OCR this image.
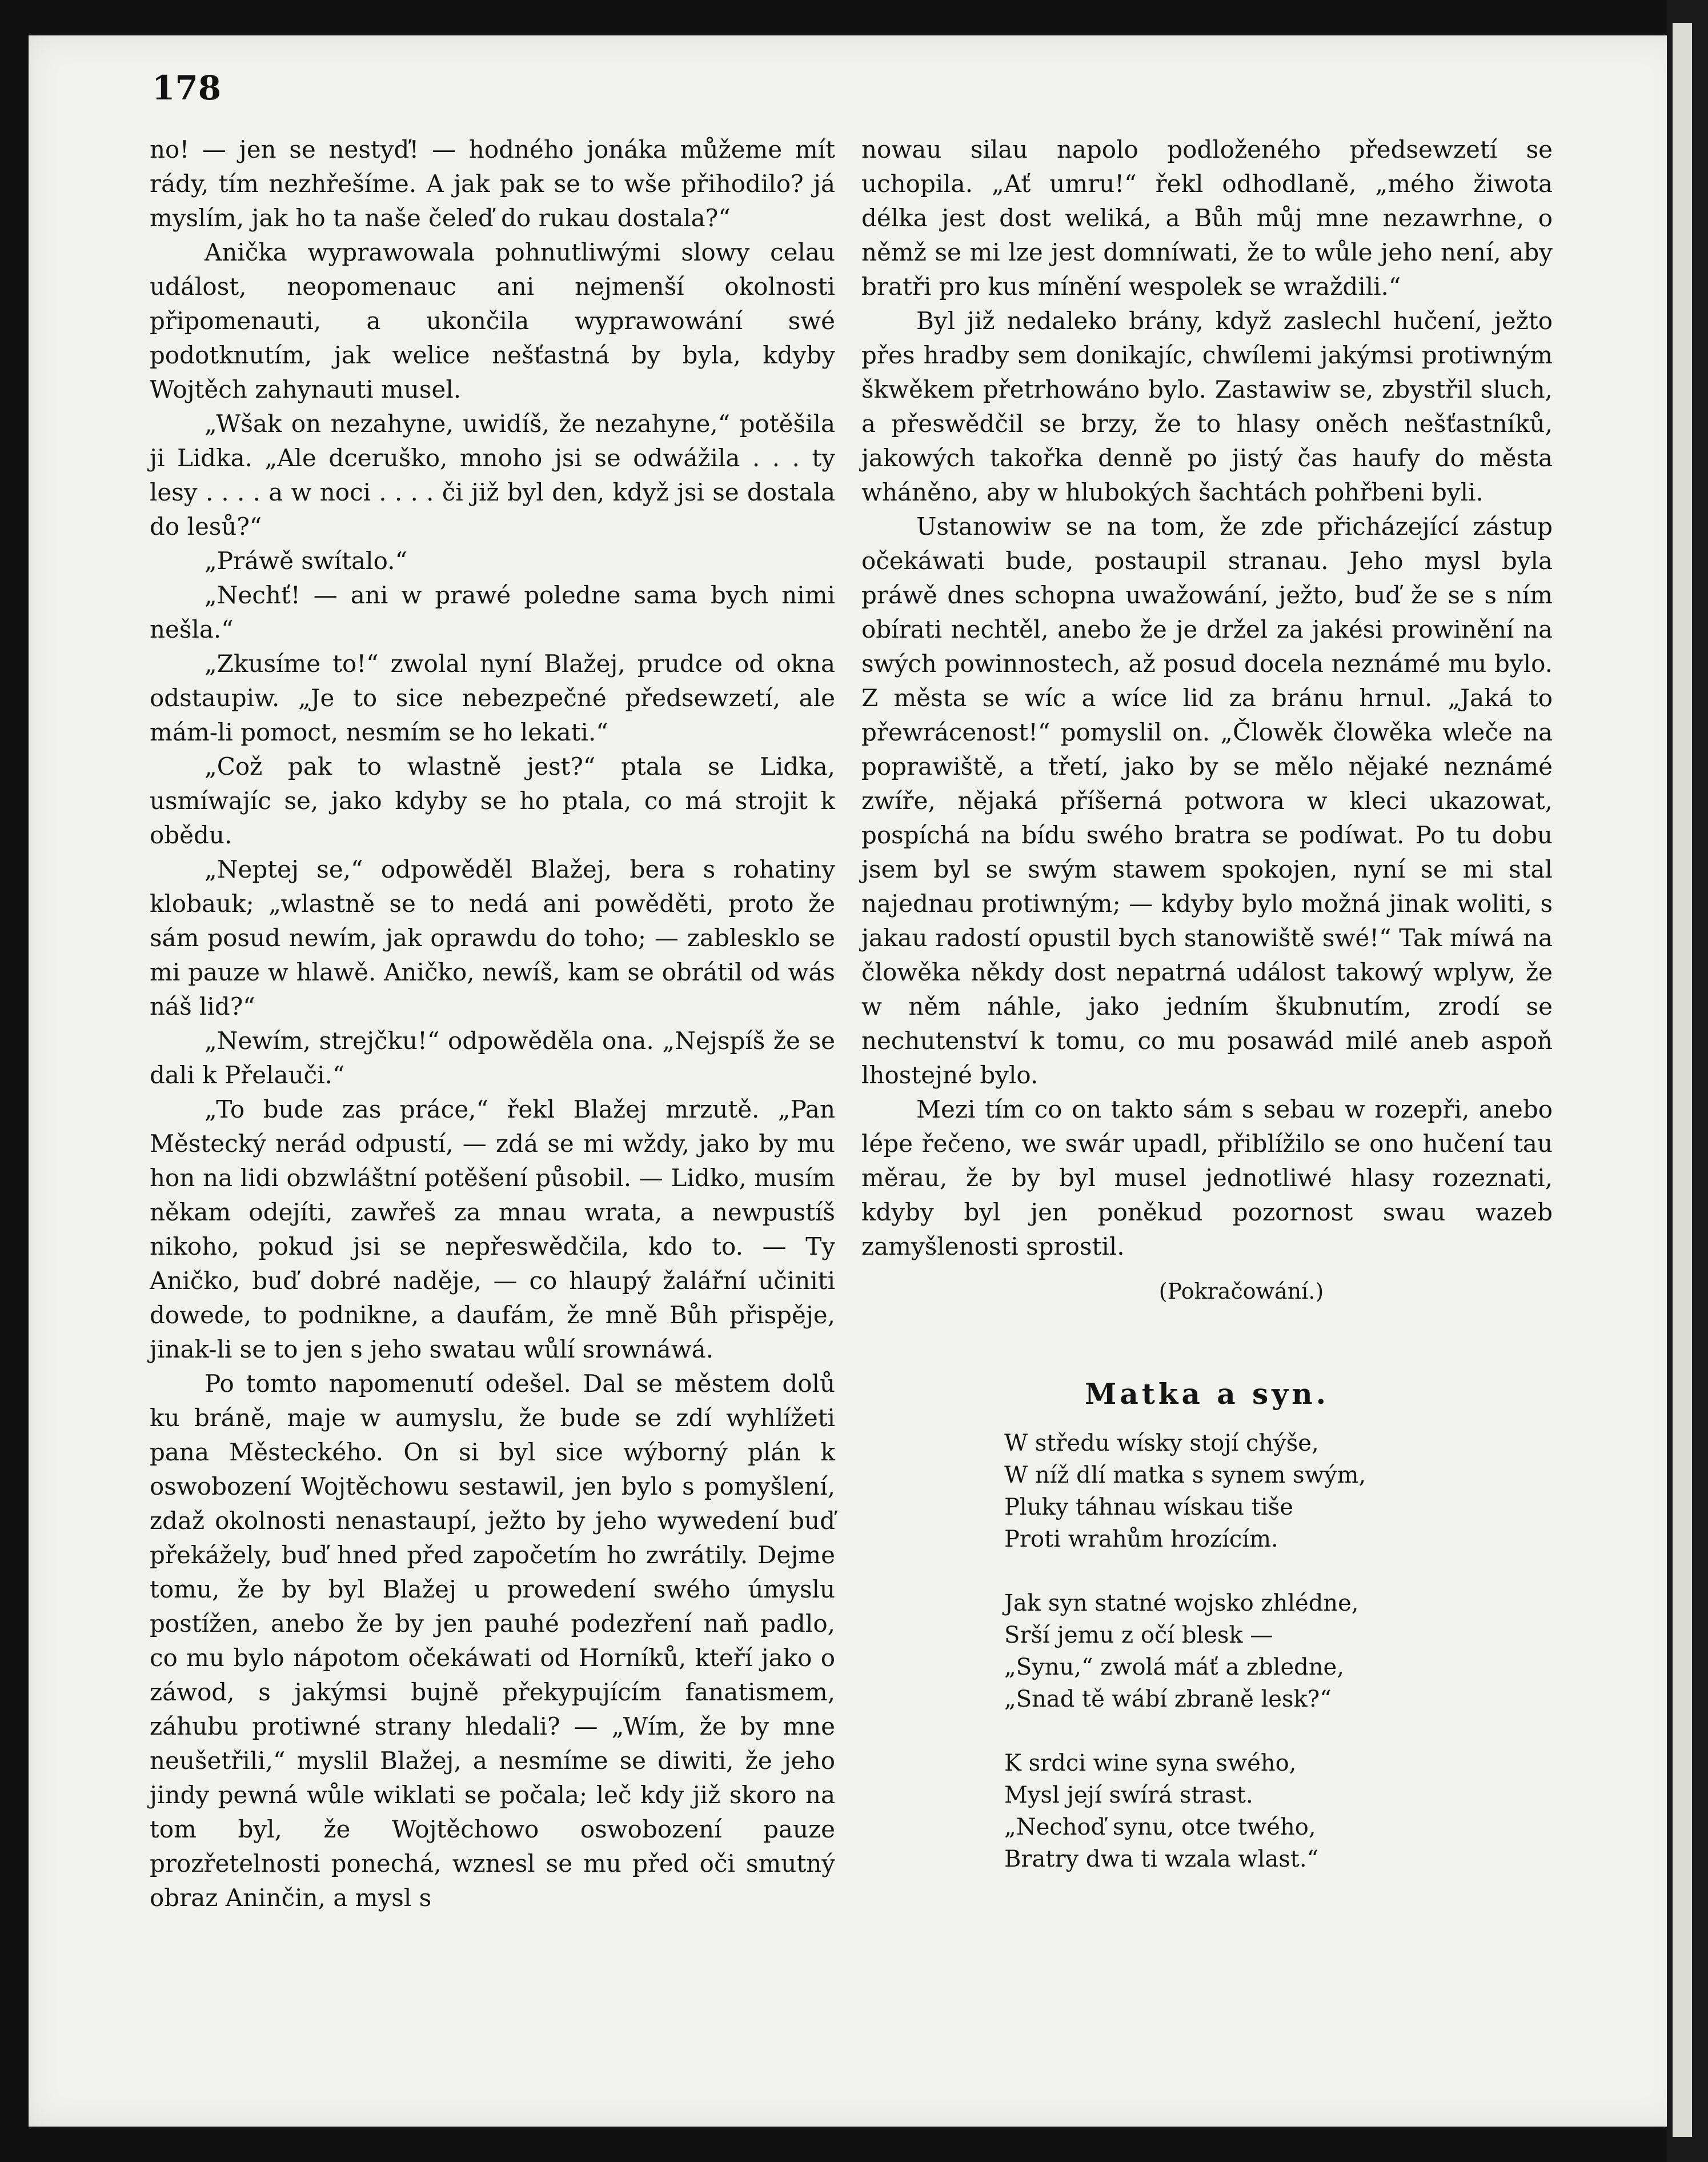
178

no! — jen se nestyď! — hodného jonáka můžeme mít rády, tím nezhřešíme. A jak pak se to wše přihodilo? já myslím, jak ho ta naše čeleď do rukau dostala?“

Anička wyprawowala pohnutliwými slowy celau událost, neopomenauc ani nejmenší okolnosti připomenauti, a ukončila wyprawowání swé podotknutím, jak welice nešťastná by byla, kdyby Wojtěch zahynauti musel.

„Wšak on nezahyne, uwidíš, že nezahyne,“ potěšila ji Lidka. „Ale dceruško, mnoho jsi se odwážila . . . ty lesy . . . . a w noci . . . . či již byl den, když jsi se dostala do lesů?“

„Práwě swítalo.“

„Nechť! — ani w prawé poledne sama bych nimi nešla.“

„Zkusíme to!“ zwolal nyní Blažej, prudce od okna odstaupiw. „Je to sice nebezpečné předsewzetí, ale mám-li pomoct, nesmím se ho lekati.“

„Což pak to wlastně jest?“ ptala se Lidka, usmíwajíc se, jako kdyby se ho ptala, co má strojit k obědu.

„Neptej se,“ odpowěděl Blažej, bera s rohatiny klobauk; „wlastně se to nedá ani powěděti, proto že sám posud newím, jak oprawdu do toho; — zablesklo se mi pauze w hlawě. Aničko, newíš, kam se obrátil od wás náš lid?“

„Newím, strejčku!“ odpowěděla ona. „Nejspíš že se dali k Přelauči.“

„To bude zas práce,“ řekl Blažej mrzutě. „Pan Městecký nerád odpustí, — zdá se mi wždy, jako by mu hon na lidi obzwláštní potěšení působil. — Lidko, musím někam odejíti, zawřeš za mnau wrata, a newpustíš nikoho, pokud jsi se nepřeswědčila, kdo to. — Ty Aničko, buď dobré naděje, — co hlaupý žalářní učiniti dowede, to podnikne, a daufám, že mně Bůh přispěje, jinak-li se to jen s jeho swatau wůlí srownáwá.

Po tomto napomenutí odešel. Dal se městem dolů ku bráně, maje w aumyslu, že bude se zdí wyhlížeti pana Městeckého. On si byl sice wýborný plán k oswobození Wojtěchowu sestawil, jen bylo s pomyšlení, zdaž okolnosti nenastaupí, ježto by jeho wywedení buď překážely, buď hned před započetím ho zwrátily. Dejme tomu, že by byl Blažej u prowedení swého úmyslu postížen, anebo že by jen pauhé podezření naň padlo, co mu bylo nápotom očekáwati od Horníků, kteří jako o záwod, s jakýmsi bujně překypujícím fanatismem, záhubu protiwné strany hledali? — „Wím, že by mne neušetřili,“ myslil Blažej, a nesmíme se diwiti, že jeho jindy pewná wůle wiklati se počala; leč kdy již skoro na tom byl, že Wojtěchowo oswobození pauze prozřetelnosti ponechá, wznesl se mu před oči smutný obraz Aninčin, a mysl s

nowau silau napolo podloženého předsewzetí se uchopila. „Ať umru!“ řekl odhodlaně, „mého žiwota délka jest dost weliká, a Bůh můj mne nezawrhne, o němž se mi lze jest domníwati, že to wůle jeho není, aby bratři pro kus mínění wespolek se wraždili.“

Byl již nedaleko brány, když zaslechl hučení, ježto přes hradby sem donikajíc, chwílemi jakýmsi protiwným škwěkem přetrhowáno bylo. Zastawiw se, zbystřil sluch, a přeswědčil se brzy, že to hlasy oněch nešťastníků, jakowých takořka denně po jistý čas haufy do města wháněno, aby w hlubokých šachtách pohřbeni byli.

Ustanowiw se na tom, že zde přicházející zástup očekáwati bude, postaupil stranau. Jeho mysl byla práwě dnes schopna uwažowání, ježto, buď že se s ním obírati nechtěl, anebo že je držel za jakési prowinění na swých powinnostech, až posud docela neznámé mu bylo. Z města se wíc a wíce lid za bránu hrnul. „Jaká to přewrácenost!“ pomyslil on. „Člowěk člowěka wleče na poprawiště, a třetí, jako by se mělo nějaké neznámé zwíře, nějaká příšerná potwora w kleci ukazowat, pospíchá na bídu swého bratra se podíwat. Po tu dobu jsem byl se swým stawem spokojen, nyní se mi stal najednau protiwným; — kdyby bylo možná jinak woliti, s jakau radostí opustil bych stanowiště swé!“ Tak míwá na člowěka někdy dost nepatrná událost takowý wplyw, že w něm náhle, jako jedním škubnutím, zrodí se nechutenství k tomu, co mu posawád milé aneb aspoň lhostejné bylo.

Mezi tím co on takto sám s sebau w rozepři, anebo lépe řečeno, we swár upadl, přiblížilo se ono hučení tau měrau, že by byl musel jednotliwé hlasy rozeznati, kdyby byl jen poněkud pozornost swau wazeb zamyšlenosti sprostil.

(Pokračowání.)
Matka a syn.
W středu wísky stojí chýše,
W níž dlí matka s synem swým,
Pluky táhnau wískau tiše
Proti wrahům hrozícím.
Jak syn statné wojsko zhlédne,
Srší jemu z očí blesk —
„Synu,“ zwolá máť a zbledne,
„Snad tě wábí zbraně lesk?“
K srdci wine syna swého,
Mysl její swírá strast.
„Nechoď synu, otce twého,
Bratry dwa ti wzala wlast.“
